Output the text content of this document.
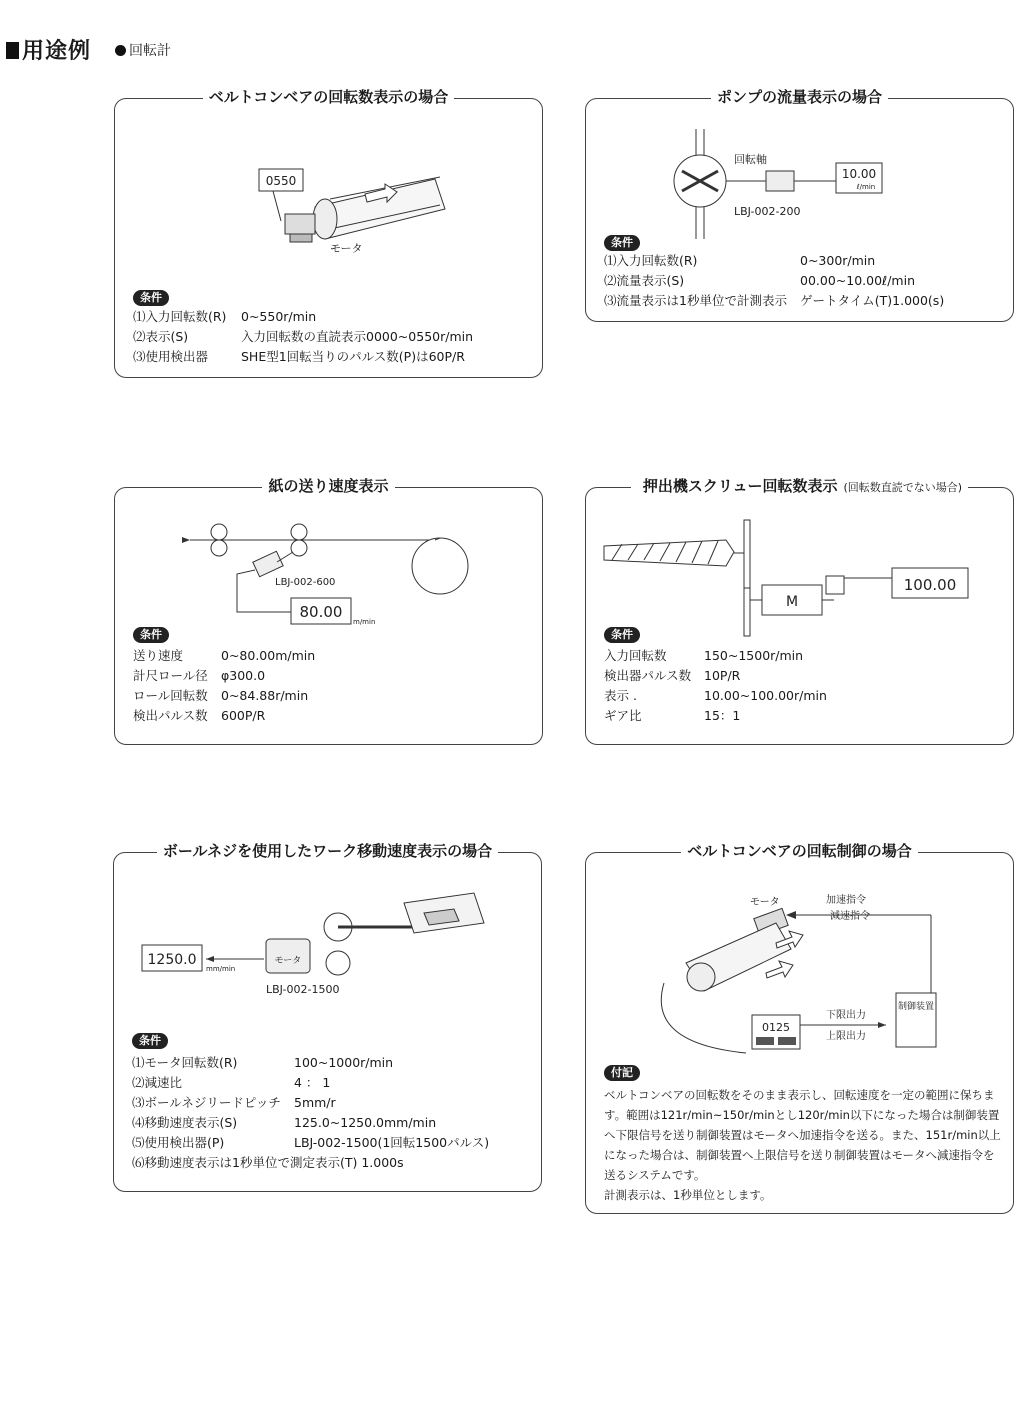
用途例	回転計
ベルトコンベアの回転数表示の場合
0550
モータ
条件
⑴入力回転数(R) 0~550r/min
⑵表示(S)	入力回転数の直読表示0000~0550r/min
⑶使用検出器	SHE型1回転当りのパルス数(P)は60P/R
ポンプの流量表示の場合
10.00
ℓ/min
回転軸
LBJ-002-200
条件
⑴入力回転数(R)	0~300r/min
⑵流量表示(S)	00.00~10.00ℓ/min
⑶流量表示は1秒単位で計測表示 ゲートタイム(T)1.000(s)
紙の送り速度表示
LBJ-002-600
80.00
m/min
条件
送り速度	0~80.00m/min
計尺ロール径 φ300.0
ロール回転数 0~84.88r/min
検出パルス数 600P/R
押出機スクリュー回転数表示 (回転数直読でない場合)
M
100.00
条件
入力回転数	150~1500r/min
検出器パルス数 10P/R
表示 .	10.00~100.00r/min
ギア比	15：1
ボールネジを使用したワーク移動速度表示の場合
1250.0
mm/min
モータ
LBJ-002-1500
条件
⑴モータ回転数(R)	100~1000r/min
⑵減速比	4 ： 1
⑶ボールネジリードピッチ 5mm/r
⑷移動速度表示(S)	125.0~1250.0mm/min
⑸使用検出器(P)	LBJ-002-1500(1回転1500パルス)
⑹移動速度表示は1秒単位で測定表示(T) 1.000s
ベルトコンベアの回転制御の場合
モータ
0125
下限出力
上限出力
制御装置
加速指令
減速指令
付記
ベルトコンベアの回転数をそのまま表示し、回転速度を一定の範囲に保ちます。範囲は121r/min~150r/minとし120r/min以下になった場合は制御装置へ下限信号を送り制御装置はモータへ加速指令を送る。また、151r/min以上になった場合は、制御装置へ上限信号を送り制御装置はモータへ減速指令を送るシステムです。
計測表示は、1秒単位とします。
